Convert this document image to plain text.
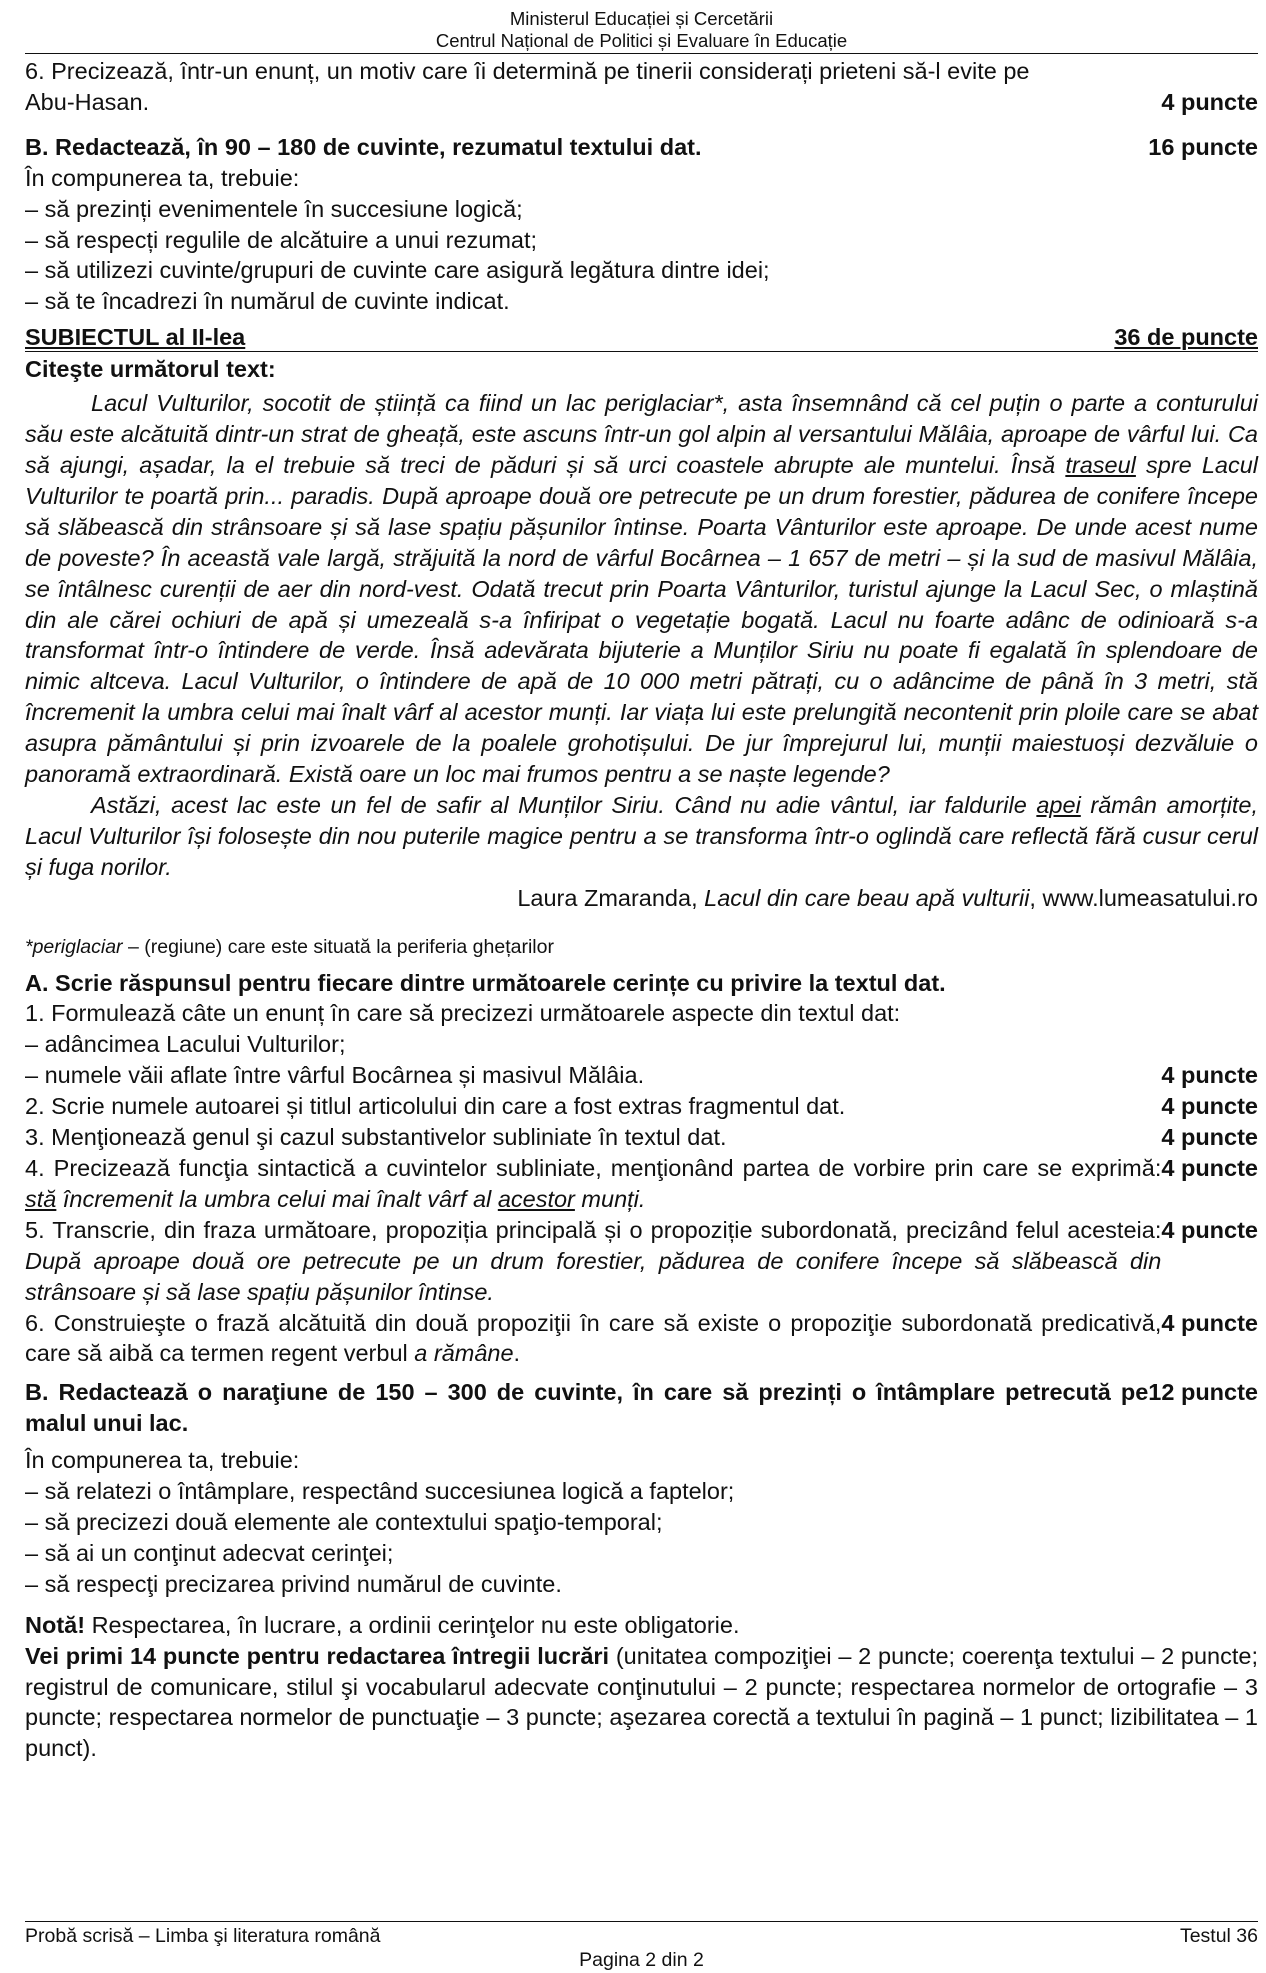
Ministerul Educației și Cercetării
Centrul Național de Politici și Evaluare în Educație

6. Precizează, într-un enunț, un motiv care îi determină pe tinerii considerați prieteni să-l evite pe

Abu-Hasan.	4 puncte
B. Redactează, în 90 – 180 de cuvinte, rezumatul textului dat.	16 puncte

În compunerea ta, trebuie:

– să prezinți evenimentele în succesiune logică;

– să respecți regulile de alcătuire a unui rezumat;

– să utilizezi cuvinte/grupuri de cuvinte care asigură legătura dintre idei;

– să te încadrezi în numărul de cuvinte indicat.

SUBIECTUL al II-lea	36 de puncte

Citeşte următorul text:

Lacul Vulturilor, socotit de știință ca fiind un lac periglaciar*, asta însemnând că cel puțin o parte a conturului său este alcătuită dintr-un strat de gheață, este ascuns într-un gol alpin al versantului Mălâia, aproape de vârful lui. Ca să ajungi, așadar, la el trebuie să treci de păduri și să urci coastele abrupte ale muntelui. Însă traseul spre Lacul Vulturilor te poartă prin... paradis. După aproape două ore petrecute pe un drum forestier, pădurea de conifere începe să slăbească din strânsoare și să lase spațiu pășunilor întinse. Poarta Vânturilor este aproape. De unde acest nume de poveste? În această vale largă, străjuită la nord de vârful Bocârnea – 1 657 de metri – și la sud de masivul Mălâia, se întâlnesc curenții de aer din nord-vest. Odată trecut prin Poarta Vânturilor, turistul ajunge la Lacul Sec, o mlaștină din ale cărei ochiuri de apă și umezeală s-a înfiripat o vegetație bogată. Lacul nu foarte adânc de odinioară s-a transformat într-o întindere de verde. Însă adevărata bijuterie a Munților Siriu nu poate fi egalată în splendoare de nimic altceva. Lacul Vulturilor, o întindere de apă de 10 000 metri pătrați, cu o adâncime de până în 3 metri, stă încremenit la umbra celui mai înalt vârf al acestor munți. Iar viața lui este prelungită necontenit prin ploile care se abat asupra pământului și prin izvoarele de la poalele grohotișului. De jur împrejurul lui, munții maiestuoși dezvăluie o panoramă extraordinară. Există oare un loc mai frumos pentru a se naște legende?

Astăzi, acest lac este un fel de safir al Munților Siriu. Când nu adie vântul, iar faldurile apei rămân amorțite, Lacul Vulturilor își folosește din nou puterile magice pentru a se transforma într-o oglindă care reflectă fără cusur cerul și fuga norilor.

Laura Zmaranda, Lacul din care beau apă vulturii, www.lumeasatului.ro

*periglaciar – (regiune) care este situată la periferia ghețarilor

A. Scrie răspunsul pentru fiecare dintre următoarele cerințe cu privire la textul dat.

1. Formulează câte un enunț în care să precizezi următoarele aspecte din textul dat:

– adâncimea Lacului Vulturilor;

– numele văii aflate între vârful Bocârnea și masivul Mălâia.	4 puncte
2. Scrie numele autoarei și titlul articolului din care a fost extras fragmentul dat.	4 puncte
3. Menţionează genul şi cazul substantivelor subliniate în textul dat.	4 puncte
4. Precizează funcţia sintactică a cuvintelor subliniate, menţionând partea de vorbire prin care se exprimă: stă încremenit la umbra celui mai înalt vârf al acestor munți.
4 puncte
5. Transcrie, din fraza următoare, propoziția principală și o propoziție subordonată, precizând felul acesteia: După aproape două ore petrecute pe un drum forestier, pădurea de conifere începe să slăbească din strânsoare și să lase spațiu pășunilor întinse.
4 puncte
6. Construieşte o frază alcătuită din două propoziţii în care să existe o propoziţie subordonată predicativă, care să aibă ca termen regent verbul a rămâne.
4 puncte
B. Redactează o naraţiune de 150 – 300 de cuvinte, în care să prezinți o întâmplare petrecută pe malul unui lac.
12 puncte

În compunerea ta, trebuie:

– să relatezi o întâmplare, respectând succesiunea logică a faptelor;

– să precizezi două elemente ale contextului spaţio-temporal;

– să ai un conţinut adecvat cerinţei;

– să respecţi precizarea privind numărul de cuvinte.

Notă! Respectarea, în lucrare, a ordinii cerinţelor nu este obligatorie.

Vei primi 14 puncte pentru redactarea întregii lucrări (unitatea compoziţiei – 2 puncte; coerenţa textului – 2 puncte; registrul de comunicare, stilul şi vocabularul adecvate conţinutului – 2 puncte; respectarea normelor de ortografie – 3 puncte; respectarea normelor de punctuaţie – 3 puncte; aşezarea corectă a textului în pagină – 1 punct; lizibilitatea – 1 punct).

Probă scrisă – Limba şi literatura română	Testul 36
Pagina 2 din 2
